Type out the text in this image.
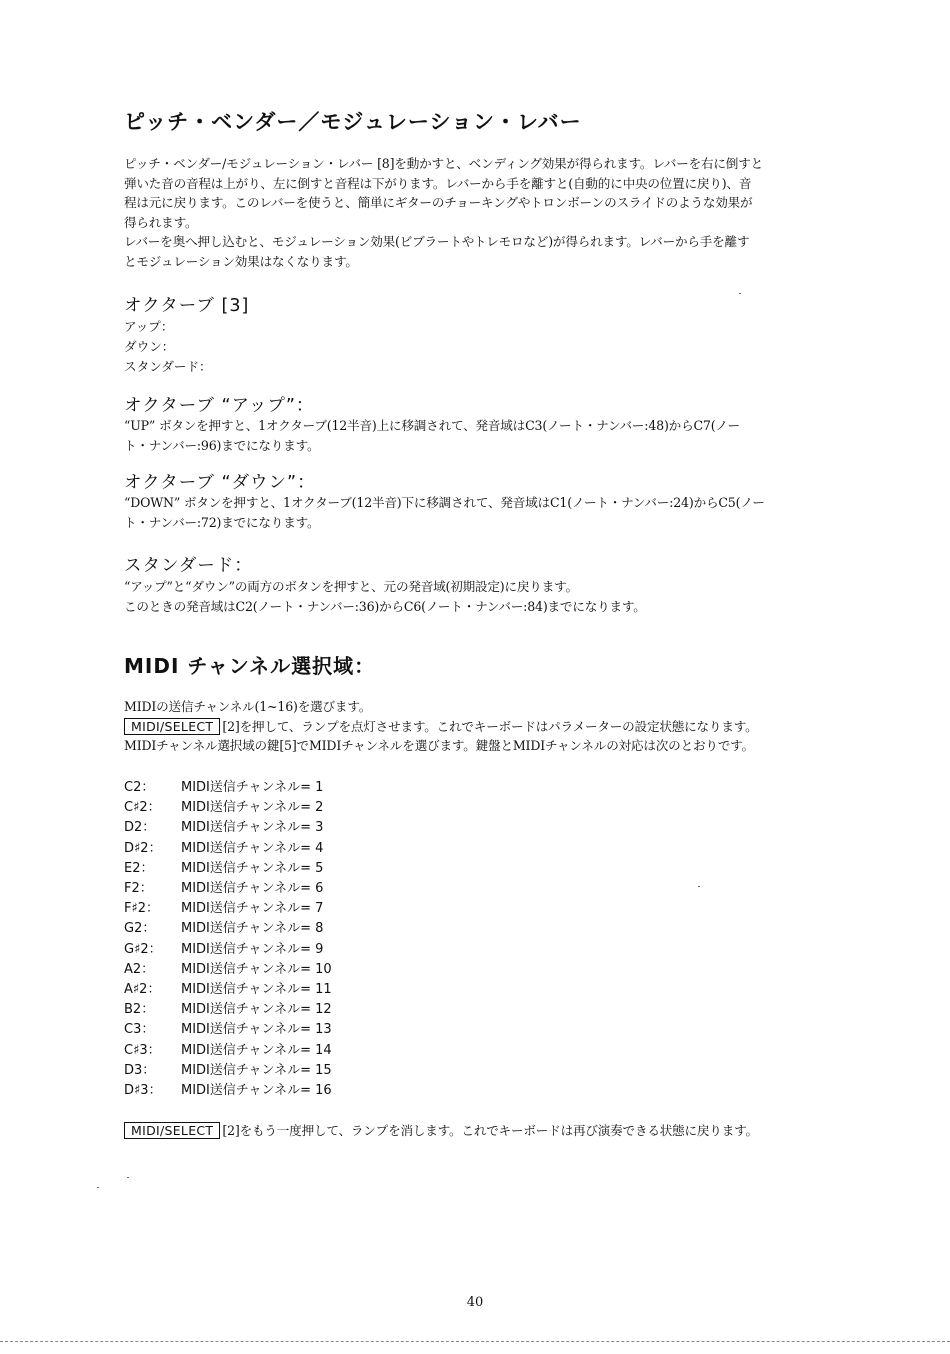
ピッチ・ベンダー／モジュレーション・レバー
ピッチ・ベンダー/モジュレーション・レバー [8]を動かすと、ベンディング効果が得られます。レバーを右に倒すと
弾いた音の音程は上がり、左に倒すと音程は下がります。レバーから手を離すと(自動的に中央の位置に戻り)、音
程は元に戻ります。このレバーを使うと、簡単にギターのチョーキングやトロンボーンのスライドのような効果が
得られます。
レバーを奥へ押し込むと、モジュレーション効果(ビブラートやトレモロなど)が得られます。レバーから手を離す
とモジュレーション効果はなくなります。
オクターブ [3]
アップ：
ダウン：
スタンダード：
オクターブ “アップ”：
“UP” ボタンを押すと、1オクターブ(12半音)上に移調されて、発音域はC3(ノート・ナンバー:48)からC7(ノー
ト・ナンバー:96)までになります。
オクターブ “ダウン”：
“DOWN” ボタンを押すと、1オクターブ(12半音)下に移調されて、発音域はC1(ノート・ナンバー:24)からC5(ノー
ト・ナンバー:72)までになります。
スタンダード：
“アップ”と“ダウン”の両方のボタンを押すと、元の発音域(初期設定)に戻ります。
このときの発音域はC2(ノート・ナンバー:36)からC6(ノート・ナンバー:84)までになります。
MIDI チャンネル選択域：
MIDIの送信チャンネル(1~16)を選びます。
MIDI/SELECT [2]を押して、ランプを点灯させます。これでキーボードはパラメーターの設定状態になります。
MIDIチャンネル選択域の鍵[5]でMIDIチャンネルを選びます。鍵盤とMIDIチャンネルの対応は次のとおりです。
C2：	MIDI送信チャンネル= 1
C♯2：	MIDI送信チャンネル= 2
D2：	MIDI送信チャンネル= 3
D♯2：	MIDI送信チャンネル= 4
E2：	MIDI送信チャンネル= 5
F2：	MIDI送信チャンネル= 6
F♯2：	MIDI送信チャンネル= 7
G2：	MIDI送信チャンネル= 8
G♯2：	MIDI送信チャンネル= 9
A2：	MIDI送信チャンネル= 10
A♯2：	MIDI送信チャンネル= 11
B2：	MIDI送信チャンネル= 12
C3：	MIDI送信チャンネル= 13
C♯3：	MIDI送信チャンネル= 14
D3：	MIDI送信チャンネル= 15
D♯3：	MIDI送信チャンネル= 16
MIDI/SELECT [2]をもう一度押して、ランプを消します。これでキーボードは再び演奏できる状態に戻ります。
40
